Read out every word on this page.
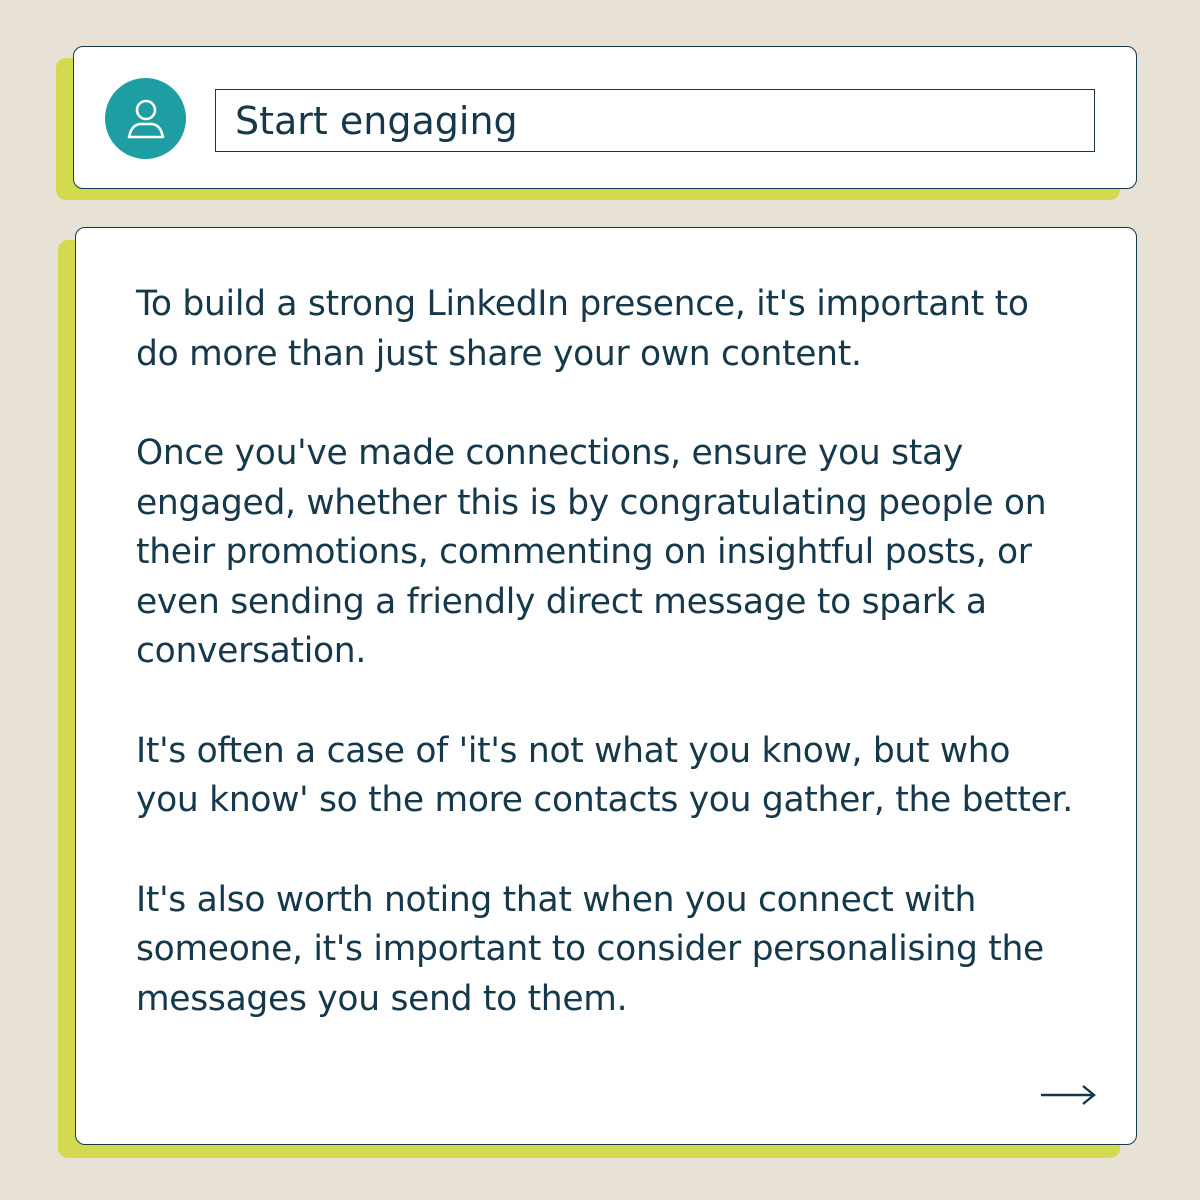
Start engaging

To build a strong LinkedIn presence, it's important to do more than just share your own content.

Once you've made connections, ensure you stay engaged, whether this is by congratulating people on their promotions, commenting on insightful posts, or even sending a friendly direct message to spark a conversation.

It's often a case of 'it's not what you know, but who you know' so the more contacts you gather, the better.

It's also worth noting that when you connect with someone, it's important to consider personalising the messages you send to them.
